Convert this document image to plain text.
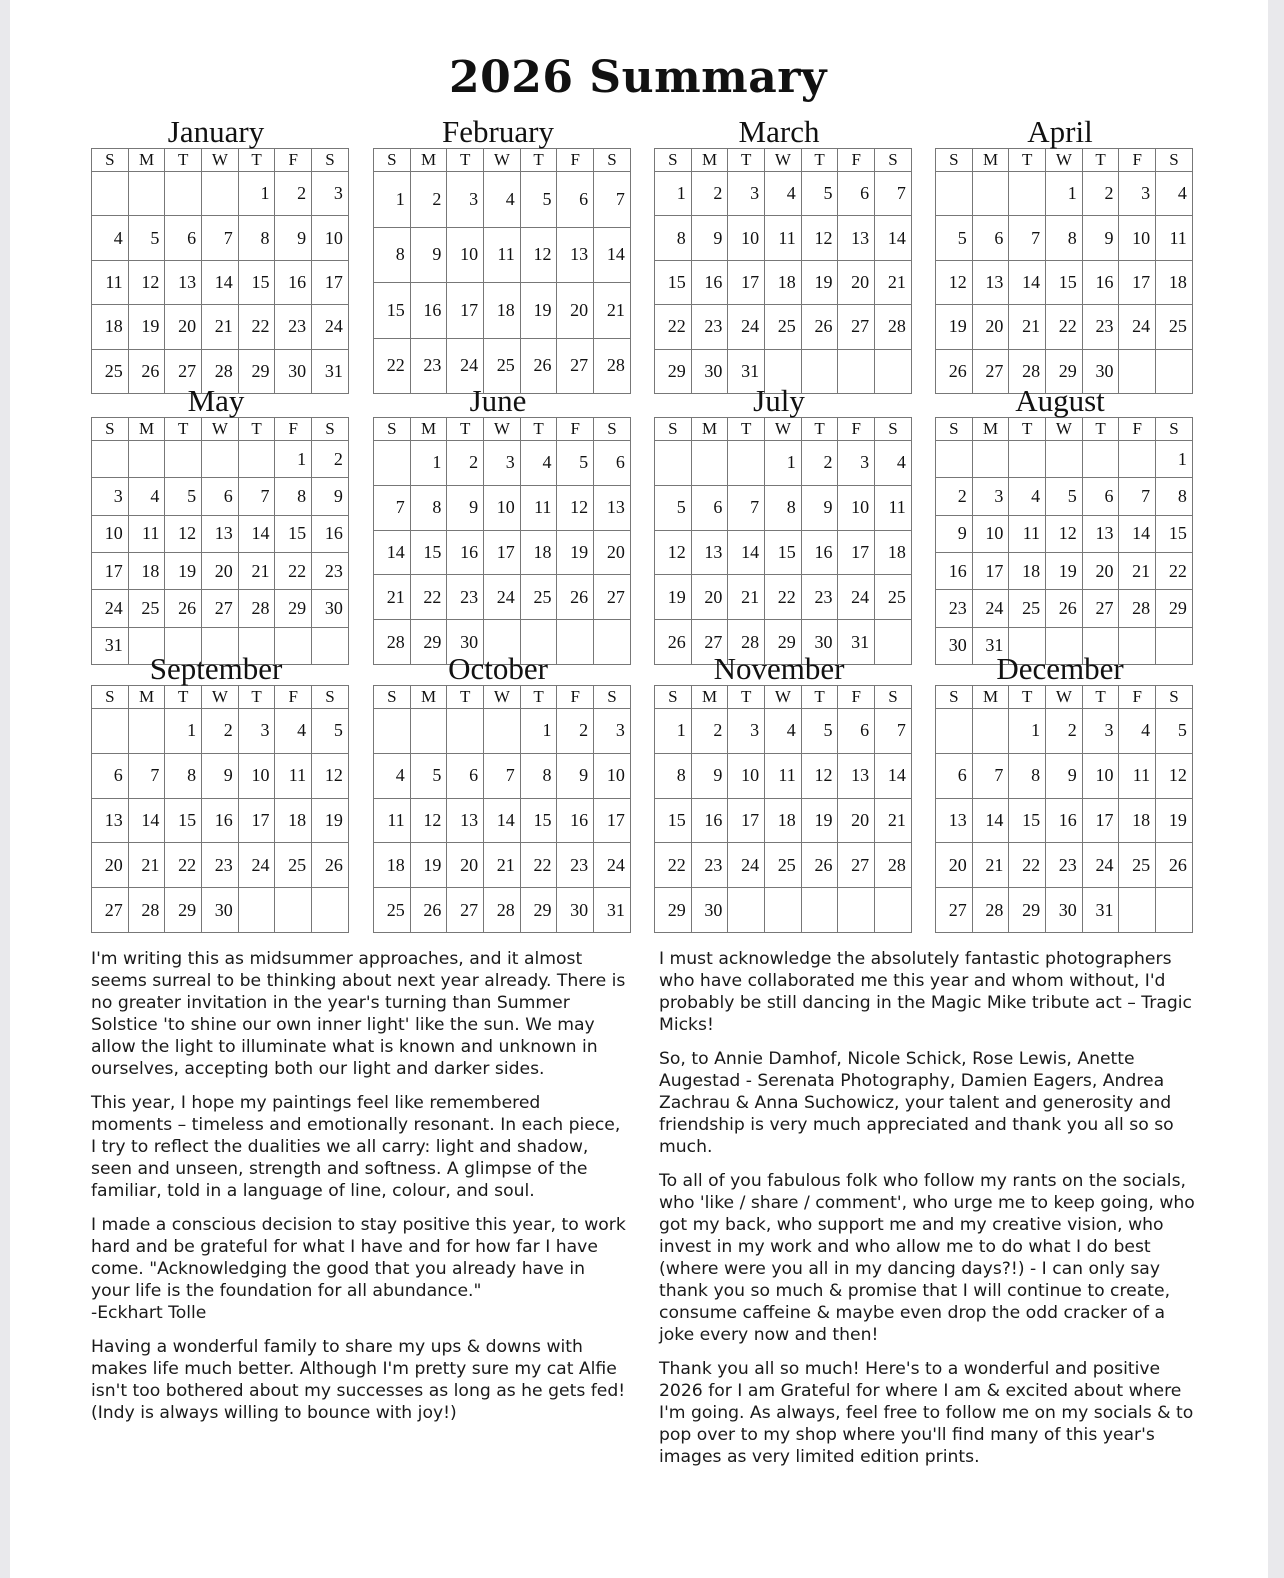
2026 Summary
January
S	M	T	W	T	F	S
				1	2	3
4	5	6	7	8	9	10
11	12	13	14	15	16	17
18	19	20	21	22	23	24
25	26	27	28	29	30	31
February
S	M	T	W	T	F	S
1	2	3	4	5	6	7
8	9	10	11	12	13	14
15	16	17	18	19	20	21
22	23	24	25	26	27	28
March
S	M	T	W	T	F	S
1	2	3	4	5	6	7
8	9	10	11	12	13	14
15	16	17	18	19	20	21
22	23	24	25	26	27	28
29	30	31				
April
S	M	T	W	T	F	S
			1	2	3	4
5	6	7	8	9	10	11
12	13	14	15	16	17	18
19	20	21	22	23	24	25
26	27	28	29	30		
May
S	M	T	W	T	F	S
					1	2
3	4	5	6	7	8	9
10	11	12	13	14	15	16
17	18	19	20	21	22	23
24	25	26	27	28	29	30
31						
June
S	M	T	W	T	F	S
	1	2	3	4	5	6
7	8	9	10	11	12	13
14	15	16	17	18	19	20
21	22	23	24	25	26	27
28	29	30				
July
S	M	T	W	T	F	S
			1	2	3	4
5	6	7	8	9	10	11
12	13	14	15	16	17	18
19	20	21	22	23	24	25
26	27	28	29	30	31	
August
S	M	T	W	T	F	S
						1
2	3	4	5	6	7	8
9	10	11	12	13	14	15
16	17	18	19	20	21	22
23	24	25	26	27	28	29
30	31					
September
S	M	T	W	T	F	S
		1	2	3	4	5
6	7	8	9	10	11	12
13	14	15	16	17	18	19
20	21	22	23	24	25	26
27	28	29	30			
October
S	M	T	W	T	F	S
				1	2	3
4	5	6	7	8	9	10
11	12	13	14	15	16	17
18	19	20	21	22	23	24
25	26	27	28	29	30	31
November
S	M	T	W	T	F	S
1	2	3	4	5	6	7
8	9	10	11	12	13	14
15	16	17	18	19	20	21
22	23	24	25	26	27	28
29	30					
December
S	M	T	W	T	F	S
		1	2	3	4	5
6	7	8	9	10	11	12
13	14	15	16	17	18	19
20	21	22	23	24	25	26
27	28	29	30	31		

I'm writing this as midsummer approaches, and it almost seems surreal to be thinking about next year already. There is no greater invitation in the year's turning than Summer Solstice 'to shine our own inner light' like the sun. We may allow the light to illuminate what is known and unknown in ourselves, accepting both our light and darker sides.

This year, I hope my paintings feel like remembered moments – timeless and emotionally resonant. In each piece, I try to reflect the dualities we all carry: light and shadow, seen and unseen, strength and softness. A glimpse of the familiar, told in a language of line, colour, and soul.

I made a conscious decision to stay positive this year, to work hard and be grateful for what I have and for how far I have come. "Acknowledging the good that you already have in your life is the foundation for all abundance."
-Eckhart Tolle

Having a wonderful family to share my ups & downs with makes life much better. Although I'm pretty sure my cat Alfie isn't too bothered about my successes as long as he gets fed! (Indy is always willing to bounce with joy!)

I must acknowledge the absolutely fantastic photographers who have collaborated me this year and whom without, I'd probably be still dancing in the Magic Mike tribute act – Tragic Micks!

So, to Annie Damhof, Nicole Schick, Rose Lewis, Anette Augestad - Serenata Photography, Damien Eagers, Andrea Zachrau & Anna Suchowicz, your talent and generosity and friendship is very much appreciated and thank you all so so much.

To all of you fabulous folk who follow my rants on the socials, who 'like / share / comment', who urge me to keep going, who got my back, who support me and my creative vision, who invest in my work and who allow me to do what I do best (where were you all in my dancing days?!) - I can only say thank you so much & promise that I will continue to create, consume caffeine & maybe even drop the odd cracker of a joke every now and then!

Thank you all so much! Here's to a wonderful and positive 2026 for I am Grateful for where I am & excited about where I'm going. As always, feel free to follow me on my socials & to pop over to my shop where you'll find many of this year's images as very limited edition prints.
